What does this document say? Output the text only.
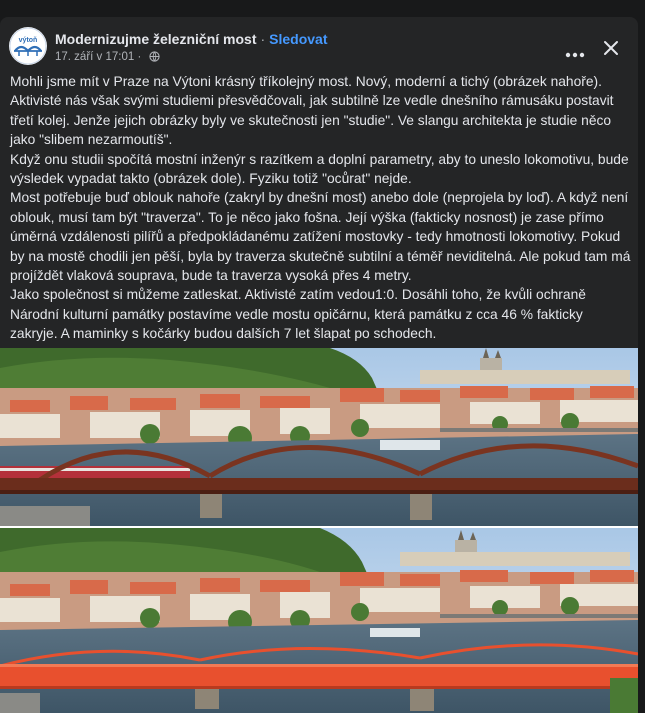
výtoň Modernizujme železniční most · Sledovat
17. září v 17:01 ·

Mohli jsme mít v Praze na Výtoni krásný tříkolejný most. Nový, moderní a tichý (obrázek nahoře).

Aktivisté nás však svými studiemi přesvědčovali, jak subtilně lze vedle dnešního rámusáku postavit třetí kolej. Jenže jejich obrázky byly ve skutečnosti jen "studie". Ve slangu architekta je studie něco jako "slibem nezarmoutíš".

Když onu studii spočítá mostní inženýr s razítkem a doplní parametry, aby to uneslo lokomotivu, bude výsledek vypadat takto (obrázek dole). Fyziku totiž "ocůrat" nejde.

Most potřebuje buď oblouk nahoře (zakryl by dnešní most) anebo dole (neprojela by loď). A když není oblouk, musí tam být "traverza". To je něco jako fošna. Její výška (fakticky nosnost) je zase přímo úměrná vzdálenosti pilířů a předpokládanému zatížení mostovky - tedy hmotnosti lokomotivy. Pokud by na mostě chodili jen pěší, byla by traverza skutečně subtilní a téměř neviditelná. Ale pokud tam má projíždět vlaková souprava, bude ta traverza vysoká přes 4 metry.

Jako společnost si můžeme zatleskat. Aktivisté zatím vedou1:0. Dosáhli toho, že kvůli ochraně Národní kulturní památky postavíme vedle mostu opičárnu, která památku z cca 46 % fakticky zakryje. A maminky s kočárky budou dalších 7 let šlapat po schodech.
